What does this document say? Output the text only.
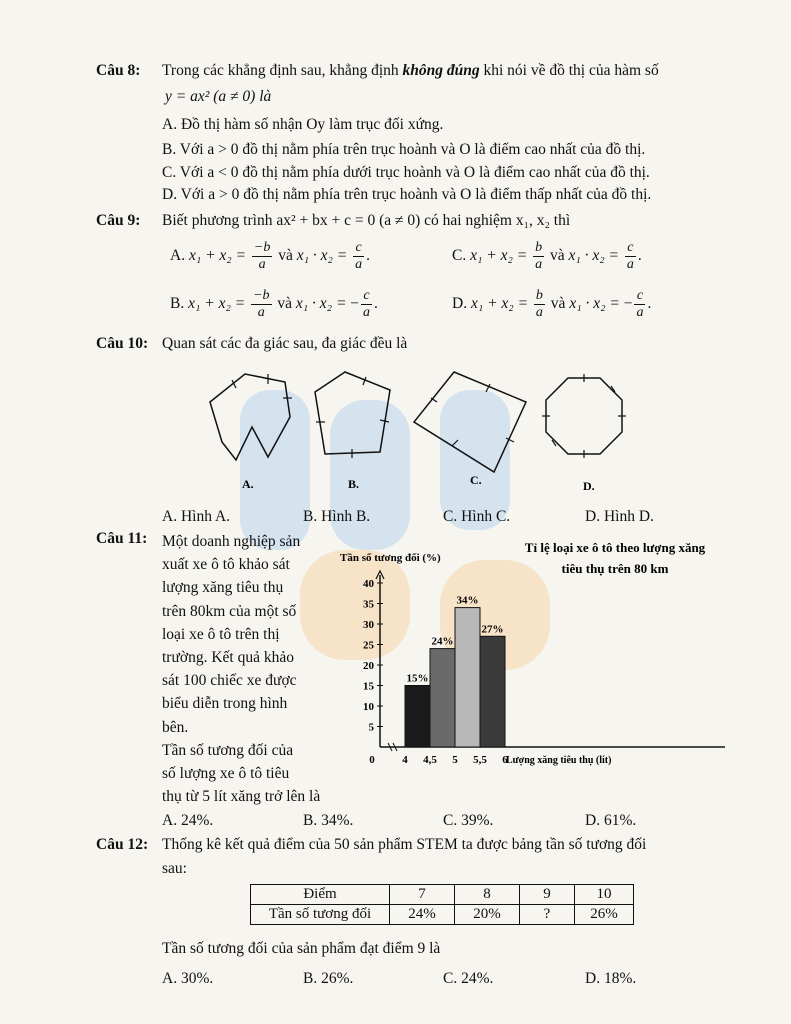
Câu 8: Trong các khẳng định sau, khẳng định không đúng khi nói về đồ thị của hàm số
y = ax² (a ≠ 0) là
A. Đồ thị hàm số nhận Oy làm trục đối xứng.
B. Với a > 0 đồ thị nằm phía trên trục hoành và O là điểm cao nhất của đồ thị.
C. Với a < 0 đồ thị nằm phía dưới trục hoành và O là điểm cao nhất của đồ thị.
D. Với a > 0 đồ thị nằm phía trên trục hoành và O là điểm thấp nhất của đồ thị.
Câu 9: Biết phương trình ax² + bx + c = 0 (a ≠ 0) có hai nghiệm x₁, x₂ thì
A. $x_1 + x_2 = \frac{-b}{a}$ và $x_1 \cdot x_2 = \frac{c}{a}$ .	C. $x_1 + x_2 = \frac{b}{a}$ và $x_1 \cdot x_2 = \frac{c}{a}$ .
B. $x_1 + x_2 = \frac{-b}{a}$ và x₁ · x₂ = − $\frac{c}{a}$ .	D. $x_1 + x_2 = \frac{b}{a}$ và x₁ · x₂ = − $\frac{c}{a}$ .
Câu 10: Quan sát các đa giác sau, đa giác đều là
A.	B.	C.	D.
A. Hình A.	B. Hình B.	C. Hình C.	D. Hình D.
Câu 11: Một doanh nghiệp sản
xuất xe ô tô khảo sát
lượng xăng tiêu thụ
trên 80km của một số
loại xe ô tô trên thị
trường. Kết quả khảo
sát 100 chiếc xe được
biểu diễn trong hình
bên.
Tần số tương đối của
số lượng xe ô tô tiêu
thụ từ 5 lít xăng trở lên là
Tần số tương đối (%)
Tỉ lệ loại xe ô tô theo lượng xăng
tiêu thụ trên 80 km
5
10
15
20
25
30
35
40
0	4 4,5 5 5,5 6
15%
24%
34%
27%
Lượng xăng tiêu thụ (lít)
A. 24%.	B. 34%.	C. 39%.	D. 61%.
Câu 12: Thống kê kết quả điểm của 50 sản phẩm STEM ta được bảng tần số tương đối
sau:
Điểm	7	8	9	10
Tần số tương đối	24%	20%	?	26%
Tần số tương đối của sản phẩm đạt điểm 9 là
A. 30%.	B. 26%.	C. 24%.	D. 18%.
